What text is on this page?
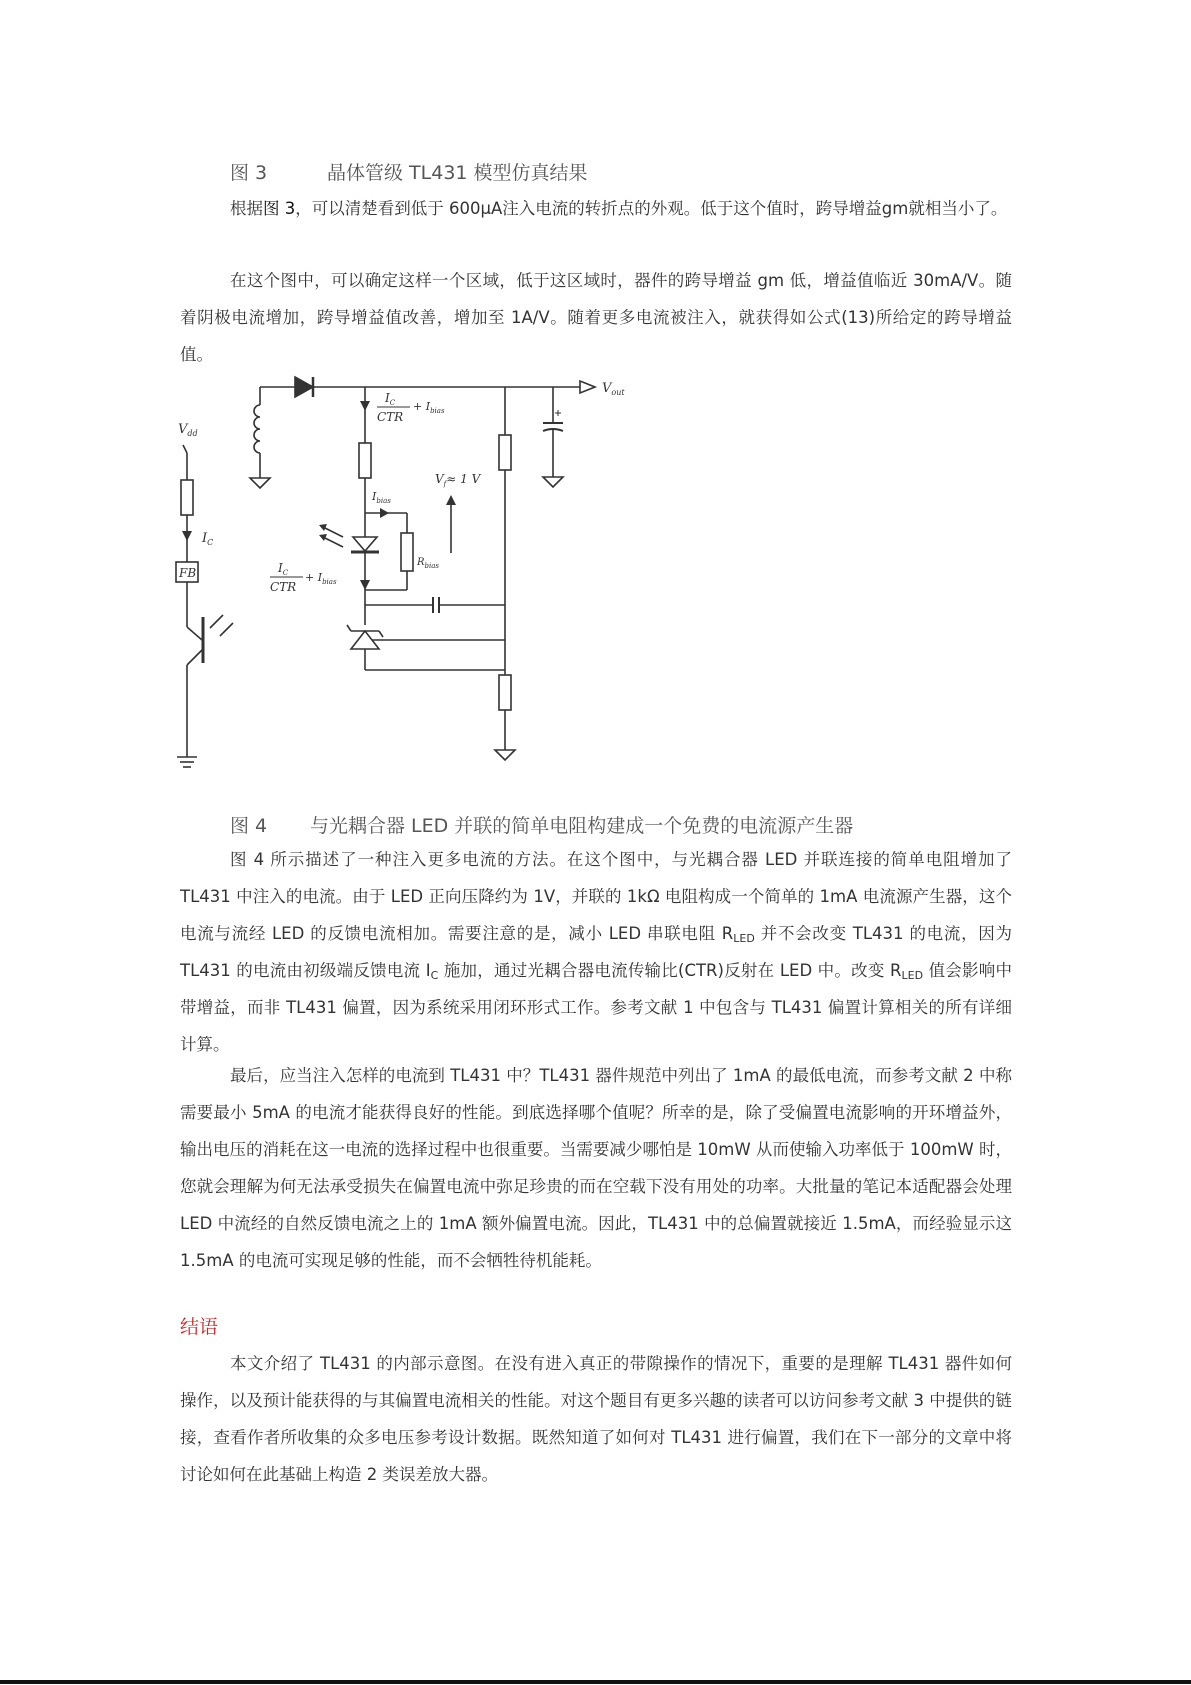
图 3	晶体管级 TL431 模型仿真结果

根据图 3，可以清楚看到低于 600μA注入电流的转折点的外观。低于这个值时，跨导增益gm就相当小了。

在这个图中，可以确定这样一个区域，低于这区域时，器件的跨导增益 gm 低，增益值临近 30mA/V。随着阴极电流增加，跨导增益值改善，增加至 1A/V。随着更多电流被注入，就获得如公式(13)所给定的跨导增益值。

$V_{out}$
$V_{dd}$
$I_C$
FB
$I_C$
CTR
+ $I_{bias}$
$I_{bias}$
$R_{bias}$
$V_f\approx 1$ V
$I_C$
CTR
+ $I_{bias}$
图 4 与光耦合器 LED 并联的简单电阻构建成一个免费的电流源产生器

图 4 所示描述了一种注入更多电流的方法。在这个图中，与光耦合器 LED 并联连接的简单电阻增加了 TL431 中注入的电流。由于 LED 正向压降约为 1V，并联的 1kΩ 电阻构成一个简单的 1mA 电流源产生器，这个电流与流经 LED 的反馈电流相加。需要注意的是，减小 LED 串联电阻 $R_{LED}$ 并不会改变 TL431 的电流，因为 TL431 的电流由初级端反馈电流 $I_C$ 施加，通过光耦合器电流传输比(CTR)反射在 LED 中。改变 $R_{LED}$ 值会影响中带增益，而非 TL431 偏置，因为系统采用闭环形式工作。参考文献 1 中包含与 TL431 偏置计算相关的所有详细计算。

最后，应当注入怎样的电流到 TL431 中？TL431 器件规范中列出了 1mA 的最低电流，而参考文献 2 中称需要最小 5mA 的电流才能获得良好的性能。到底选择哪个值呢？所幸的是，除了受偏置电流影响的开环增益外，输出电压的消耗在这一电流的选择过程中也很重要。当需要减少哪怕是 10mW 从而使输入功率低于 100mW 时，您就会理解为何无法承受损失在偏置电流中弥足珍贵的而在空载下没有用处的功率。大批量的笔记本适配器会处理 LED 中流经的自然反馈电流之上的 1mA 额外偏置电流。因此，TL431 中的总偏置就接近 1.5mA，而经验显示这 1.5mA 的电流可实现足够的性能，而不会牺牲待机能耗。

结语

本文介绍了 TL431 的内部示意图。在没有进入真正的带隙操作的情况下，重要的是理解 TL431 器件如何操作，以及预计能获得的与其偏置电流相关的性能。对这个题目有更多兴趣的读者可以访问参考文献 3 中提供的链接，查看作者所收集的众多电压参考设计数据。既然知道了如何对 TL431 进行偏置，我们在下一部分的文章中将讨论如何在此基础上构造 2 类误差放大器。
